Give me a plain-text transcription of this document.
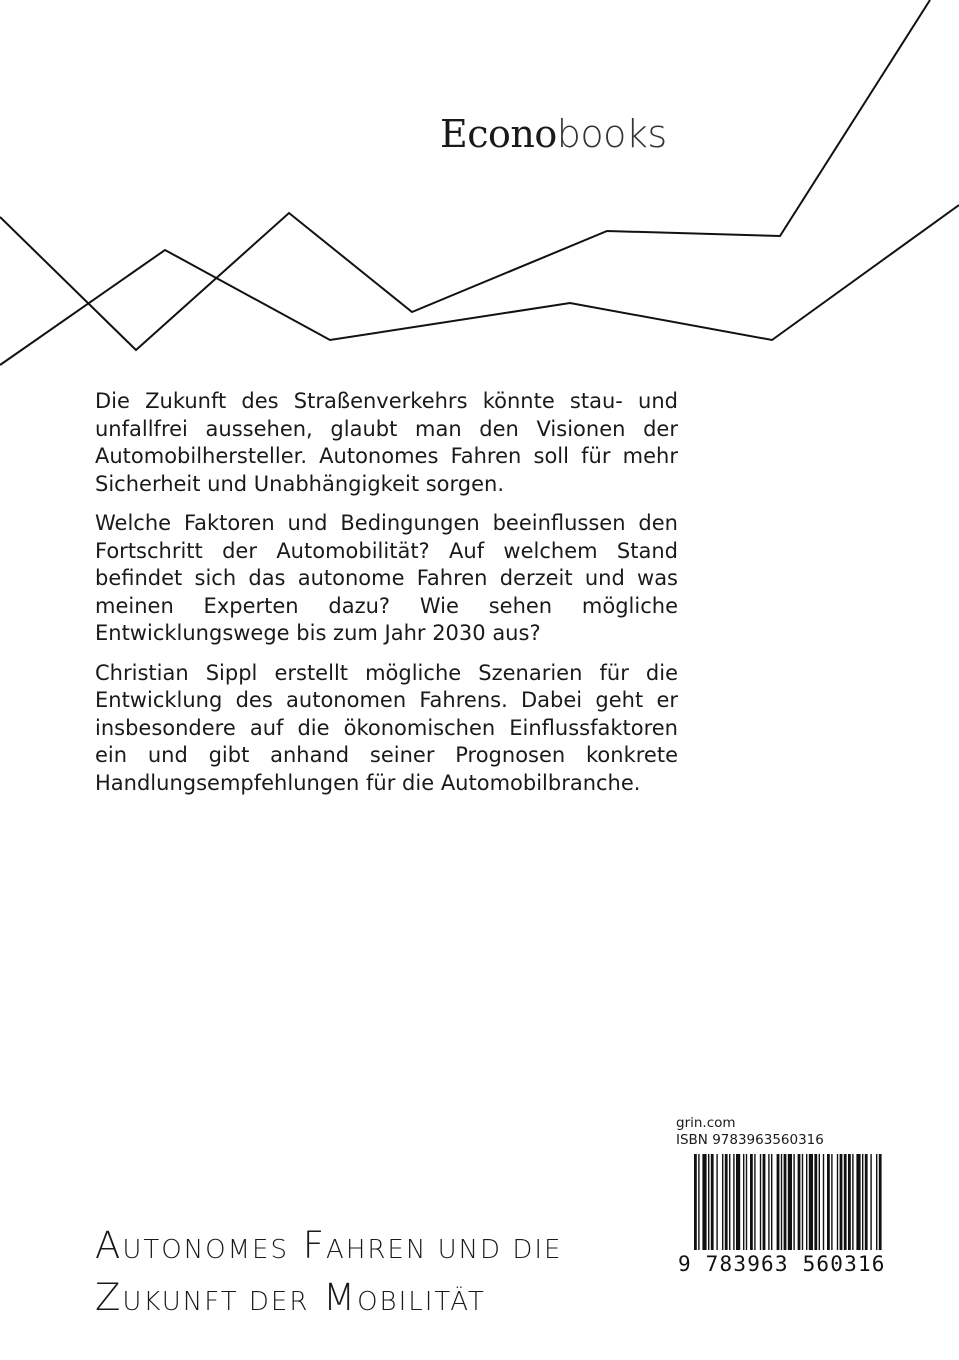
Econobooks

Die Zukunft des Straßenverkehrs könnte stau- und unfallfrei aussehen, glaubt man den Visionen der Automobilhersteller. Autonomes Fahren soll für mehr Sicherheit und Unabhängigkeit sorgen.

Welche Faktoren und Bedingungen beeinflussen den Fortschritt der Automobilität? Auf welchem Stand befindet sich das autonome Fahren derzeit und was meinen Experten dazu? Wie sehen mögliche Entwicklungswege bis zum Jahr 2030 aus?

Christian Sippl erstellt mögliche Szenarien für die Entwicklung des autonomen Fahrens. Dabei geht er insbesondere auf die ökonomischen Einflussfaktoren ein und gibt anhand seiner Prognosen konkrete Handlungsempfehlungen für die Automobilbranche.

grin.com
ISBN 9783963560316
9 783963 560316
AUTONOMES FAHREN UND DIE
ZUKUNFT DER MOBILITÄT
